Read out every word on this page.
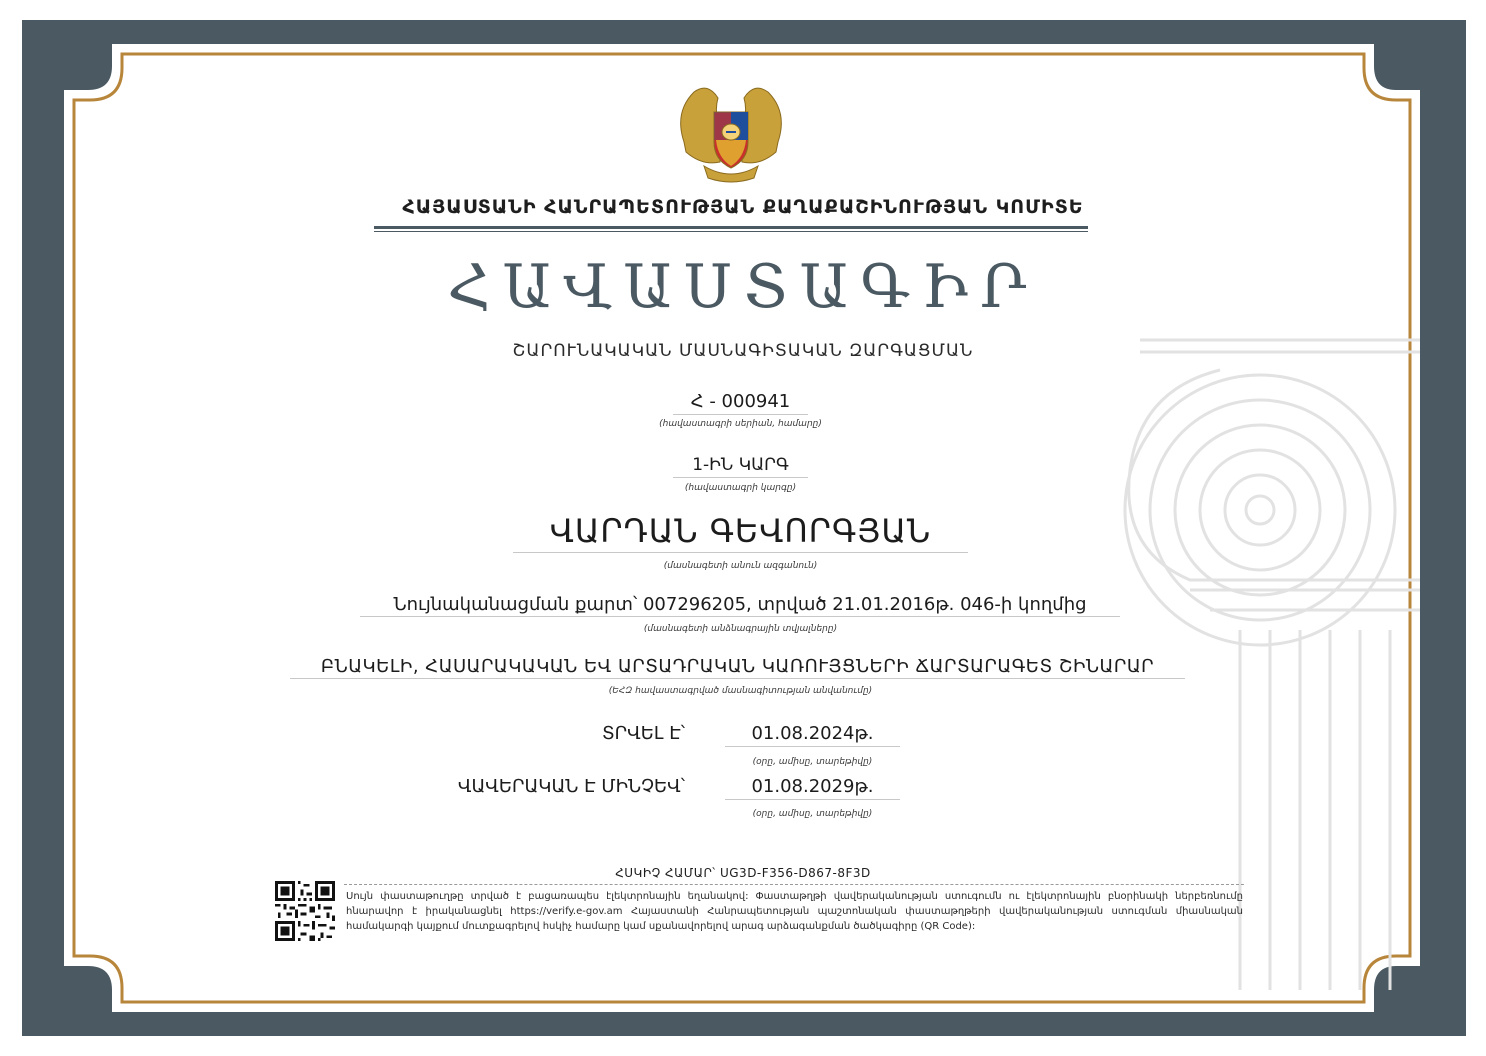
ՀԱՅԱՍՏԱՆԻ ՀԱՆՐԱՊԵՏՈՒԹՅԱՆ ՔԱՂԱՔԱՇԻՆՈՒԹՅԱՆ ԿՈՄԻՏԵ
ՀԱՎԱՍՏԱԳԻՐ
ՇԱՐՈՒՆԱԿԱԿԱՆ ՄԱՍՆԱԳԻՏԱԿԱՆ ԶԱՐԳԱՑՄԱՆ
Հ - 000941
(հավաստագրի սերիան, համարը)
1-ԻՆ ԿԱՐԳ
(հավաստագրի կարգը)
ՎԱՐԴԱՆ ԳԵՎՈՐԳՅԱՆ
(մասնագետի անուն ազգանուն)
Նույնականացման քարտ՝ 007296205, տրված 21.01.2016թ. 046-ի կողմից
(մասնագետի անձնագրային տվյալները)
ԲՆԱԿԵԼԻ, ՀԱՍԱՐԱԿԱԿԱՆ ԵՎ ԱՐՏԱԴՐԱԿԱՆ ԿԱՌՈՒՅՑՆԵՐԻ ՃԱՐՏԱՐԱԳԵՏ ՇԻՆԱՐԱՐ
(ԵՀԶ հավաստագրված մասնագիտության անվանումը)
ՏՐՎԵԼ Է՝	01.08.2024թ.
(օրը, ամիսը, տարեթիվը)
ՎԱՎԵՐԱԿԱՆ Է ՄԻՆՉԵՎ՝	01.08.2029թ.
(օրը, ամիսը, տարեթիվը)
ՀՍԿԻՉ ՀԱՄԱՐ՝ UG3D-F356-D867-8F3D
Սույն փաստաթուղթը տրված է բացառապես էլեկտրոնային եղանակով: Փաստաթղթի վավերականության ստուգումն ու էլեկտրոնային բնօրինակի ներբեռնումը հնարավոր է իրականացնել https://verify.e-gov.am Հայաստանի Հանրապետության պաշտոնական փաստաթղթերի վավերականության ստուգման միասնական համակարգի կայքում մուտքագրելով հսկիչ համարը կամ սքանավորելով արագ արձագանքման ծածկագիրը (QR Code):
